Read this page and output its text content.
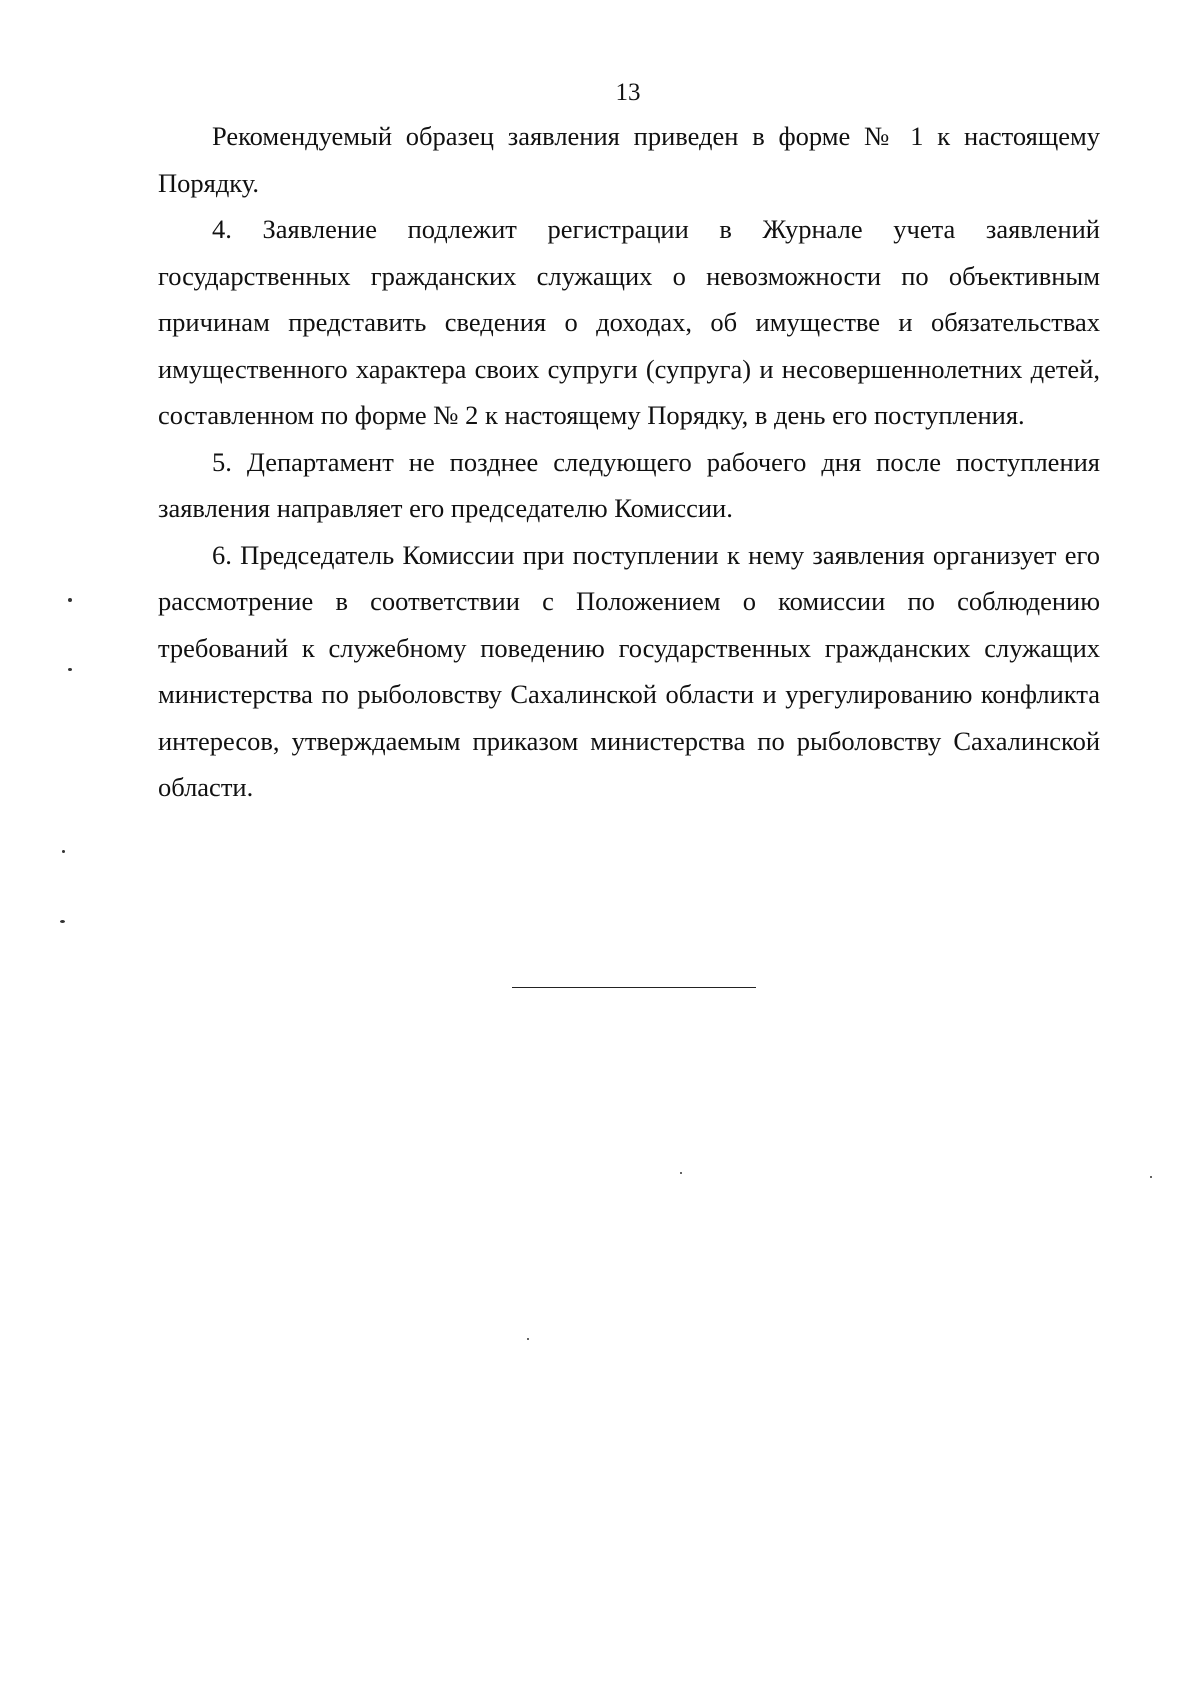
13

Рекомендуемый образец заявления приведен в форме № 1 к настоящему Порядку.

4. Заявление подлежит регистрации в Журнале учета заявлений государственных гражданских служащих о невозможности по объективным причинам представить сведения о доходах, об имуществе и обязательствах имущественного характера своих супруги (супруга) и несовершеннолетних детей, составленном по форме № 2 к настоящему Порядку, в день его поступления.

5. Департамент не позднее следующего рабочего дня после поступления заявления направляет его председателю Комиссии.

6. Председатель Комиссии при поступлении к нему заявления организует его рассмотрение в соответствии с Положением о комиссии по соблюдению требований к служебному поведению государственных гражданских служащих министерства по рыболовству Сахалинской области и урегулированию конфликта интересов, утверждаемым приказом министерства по рыболовству Сахалинской области.
